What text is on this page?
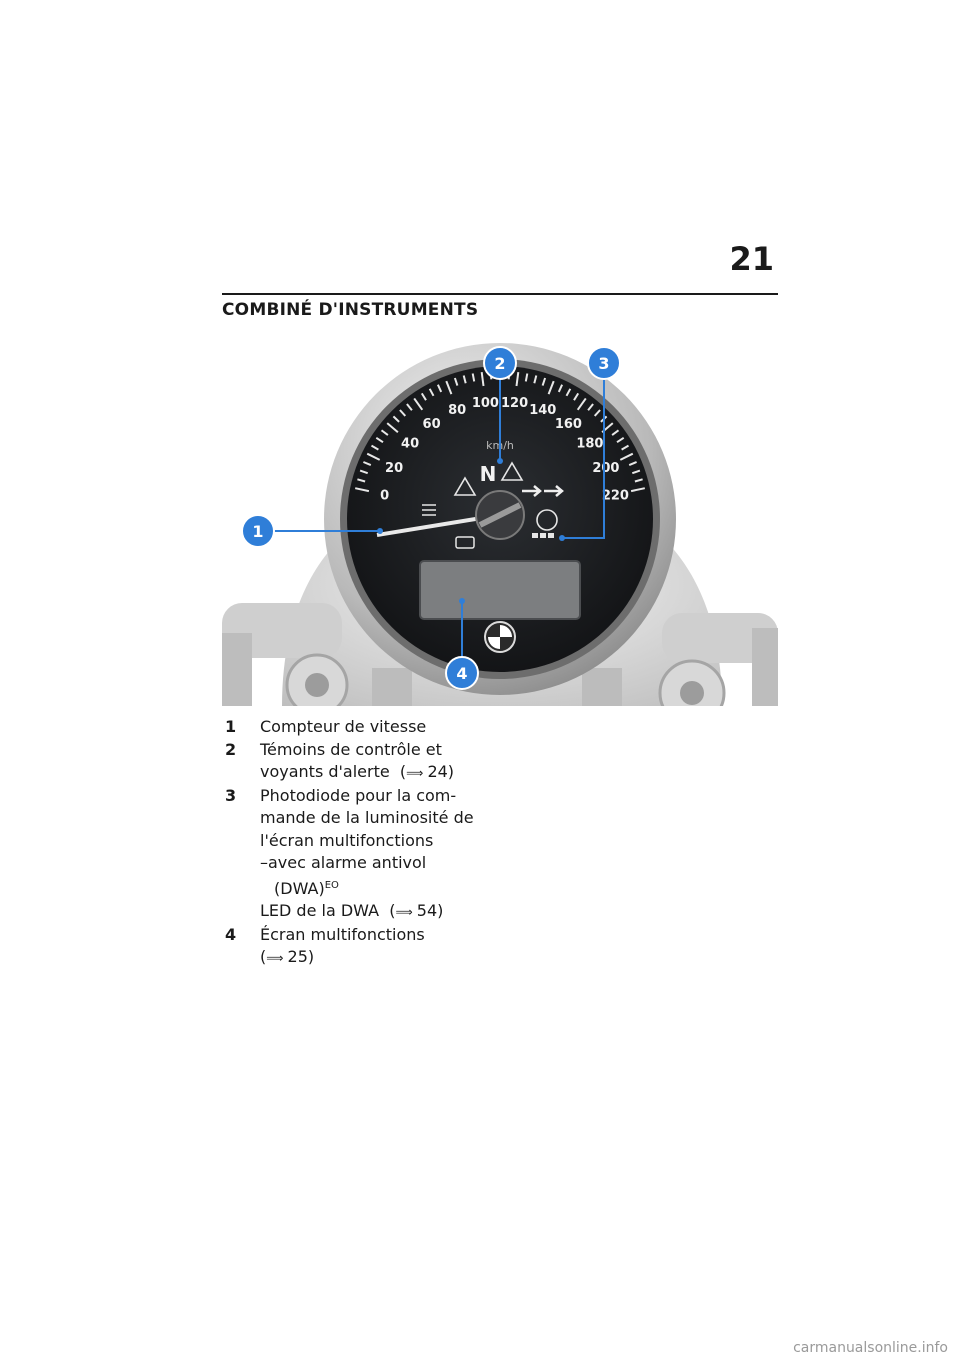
21
COMBINÉ D'INSTRUMENTS
0
20
40
60
80 100 120 140
160
180
200
220
km/h
N
1
2	3
4
1 Compteur de vitesse
2 Témoins de contrôle et
voyants d'alerte (⟹ 24)
3 Photodiode pour la com-
mande de la luminosité de
l'écran multifonctions
–avec alarme antivol
(DWA)$^{EO}$
LED de la DWA (⟹ 54)
4 Écran multifonctions
(⟹ 25)
carmanualsonline.info
